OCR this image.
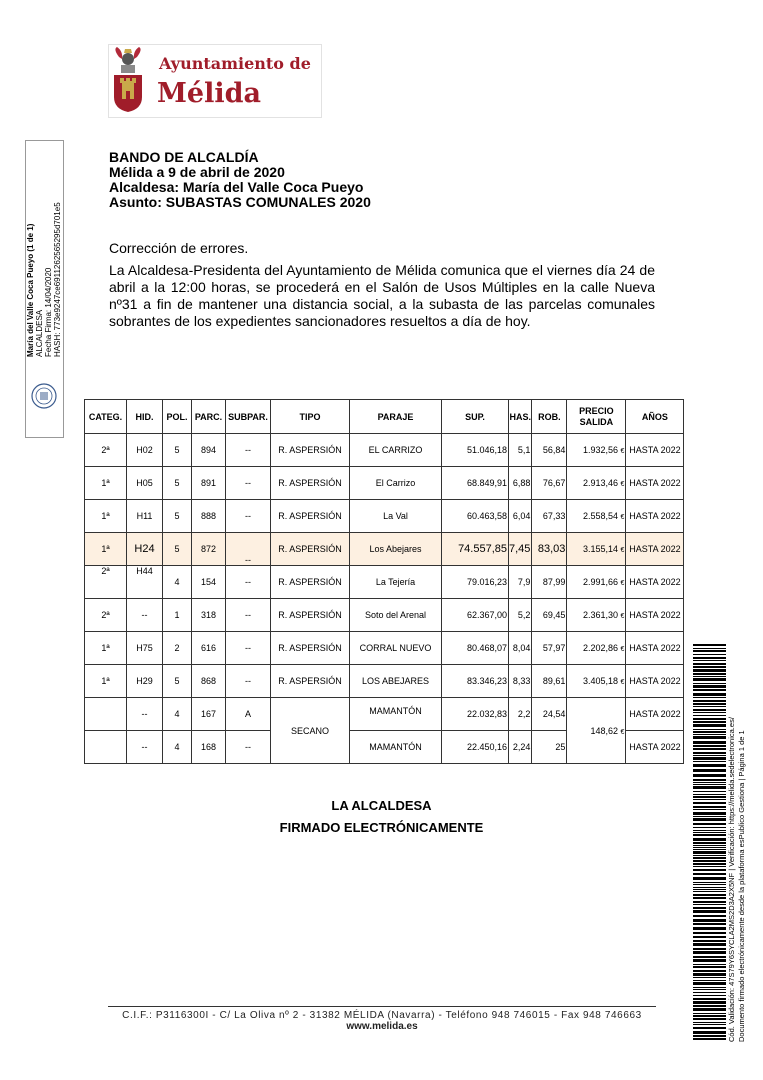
Ayuntamiento de
Mélida
María del Valle Coca Pueyo (1 de 1) ALCALDESA Fecha Firma: 14/04/2020 HASH: 773e9247ce6911262565295d701e5
BANDO DE ALCALDÍA
Mélida a 9 de abril de 2020
Alcaldesa: María del Valle Coca Pueyo
Asunto: SUBASTAS COMUNALES 2020
Corrección de errores.
La Alcaldesa-Presidenta del Ayuntamiento de Mélida comunica que el viernes día 24 de abril a la 12:00 horas, se procederá en el Salón de Usos Múltiples en la calle Nueva nº31 a fin de mantener una distancia social, a la subasta de las parcelas comunales sobrantes de los expedientes sancionadores resueltos a día de hoy.
CATEG.	HID.	POL.	PARC.	SUBPAR.	TIPO	PARAJE	SUP.	HAS.	ROB.	PRECIO SALIDA	AÑOS
2ª	H02	5	894	--	R. ASPERSIÓN	EL CARRIZO	51.046,18	5,1	56,84	1.932,56 €	HASTA 2022
1ª	H05	5	891	--	R. ASPERSIÓN	El Carrizo	68.849,91	6,88	76,67	2.913,46 €	HASTA 2022
1ª	H11	5	888	--	R. ASPERSIÓN	La Val	60.463,58	6,04	67,33	2.558,54 €	HASTA 2022
1ª	H24	5	872	--	R. ASPERSIÓN	Los Abejares	74.557,85	7,45	83,03	3.155,14 €	HASTA 2022
2ª	H44	4	154	--	R. ASPERSIÓN	La Tejería	79.016,23	7,9	87,99	2.991,66 €	HASTA 2022
2ª	--	1	318	--	R. ASPERSIÓN	Soto del Arenal	62.367,00	5,2	69,45	2.361,30 €	HASTA 2022
1ª	H75	2	616	--	R. ASPERSIÓN	CORRAL NUEVO	80.468,07	8,04	57,97	2.202,86 €	HASTA 2022
1ª	H29	5	868	--	R. ASPERSIÓN	LOS ABEJARES	83.346,23	8,33	89,61	3.405,18 €	HASTA 2022
	--	4	167	A	SECANO	MAMANTÓN	22.032,83	2,2	24,54	148,62 €	HASTA 2022
	--	4	168	--		MAMANTÓN	22.450,16	2,24	25		HASTA 2022
LA ALCALDESA
FIRMADO ELECTRÓNICAMENTE
C.I.F.: P3116300I - C/ La Oliva nº 2 - 31382 MÉLIDA (Navarra) - Teléfono 948 746015 - Fax 948 746663
www.melida.es	Cód. Validación: 47S79Y6SYCLA2MS2D3A2X5NF | Verificación: https://melida.sedelectronica.es/ Documento firmado electrónicamente desde la plataforma esPublico Gestiona | Página 1 de 1
